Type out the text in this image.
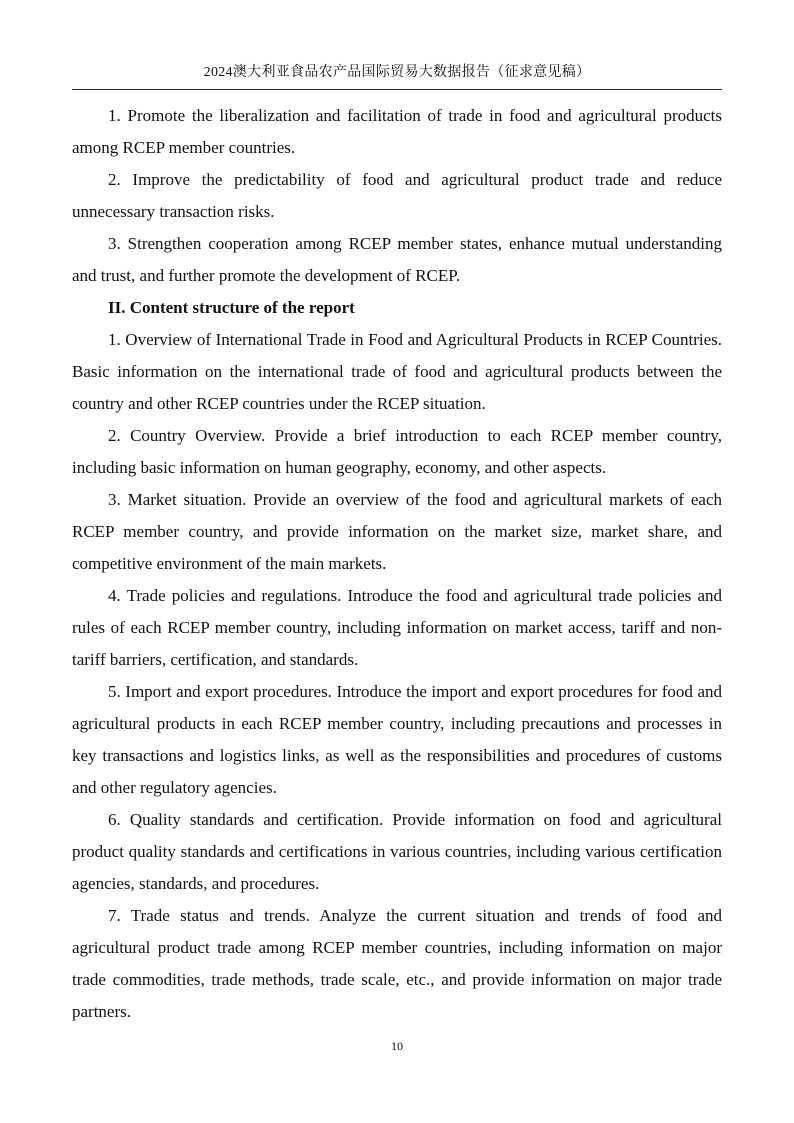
2024澳大利亚食品农产品国际贸易大数据报告（征求意见稿）

1. Promote the liberalization and facilitation of trade in food and agricultural products among RCEP member countries.

2. Improve the predictability of food and agricultural product trade and reduce unnecessary transaction risks.

3. Strengthen cooperation among RCEP member states, enhance mutual understanding and trust, and further promote the development of RCEP.

II. Content structure of the report

1. Overview of International Trade in Food and Agricultural Products in RCEP Countries. Basic information on the international trade of food and agricultural products between the country and other RCEP countries under the RCEP situation.

2. Country Overview. Provide a brief introduction to each RCEP member country, including basic information on human geography, economy, and other aspects.

3. Market situation. Provide an overview of the food and agricultural markets of each RCEP member country, and provide information on the market size, market share, and competitive environment of the main markets.

4. Trade policies and regulations. Introduce the food and agricultural trade policies and rules of each RCEP member country, including information on market access, tariff and non-tariff barriers, certification, and standards.

5. Import and export procedures. Introduce the import and export procedures for food and agricultural products in each RCEP member country, including precautions and processes in key transactions and logistics links, as well as the responsibilities and procedures of customs and other regulatory agencies.

6. Quality standards and certification. Provide information on food and agricultural product quality standards and certifications in various countries, including various certification agencies, standards, and procedures.

7. Trade status and trends. Analyze the current situation and trends of food and agricultural product trade among RCEP member countries, including information on major trade commodities, trade methods, trade scale, etc., and provide information on major trade partners.

10
